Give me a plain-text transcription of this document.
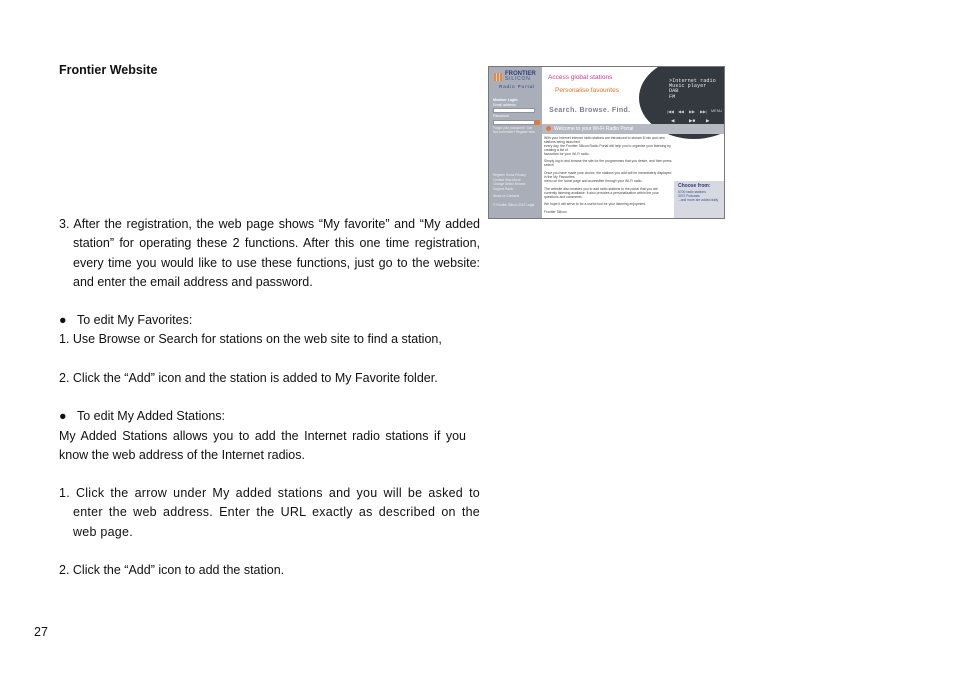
Frontier Website	FRONTIER
SILICON
Radio Portal
Member Login
Email address
Password
Forgot your password? Join
Not a member? Register here
Register Terms Privacy
Contact Help About
Change Select Browse
Support Radio
About us Contacts
© Frontier Silicon 2007 Legal
Access global stations
Personalise favourites
Search. Browse. Find.
>Internet radio
Music player
DAB
FM
|◀◀ ◀◀ ▶▶ ▶▶| MENU
◀	▶■ ▶
Welcome to your Wi-Fi Radio Portal
With your Internet internet radio stations are introduced to stream 8 min and new stations being launched
every day, the Frontier Silicon Radio Portal will help you to organise your listening by creating a list of
favourites for your Wi-Fi radio.

Simply log in and browse the site for the programmes that you desire, and then press select!

Once you have made your choice, the stations you add will be immediately displayed in the My Favourites
menu on the home page and accessible through your Wi-Fi radio.

The website also enables you to add radio stations to the portal that you are
currently listening available. It also provides a personalisation within the your
questions and comments.

We hope it will serve to be a useful tool for your listening enjoyment.

Frontier Silicon
Choose from:
6700 radio stations
3072 Podcasts
...and more are added daily
3. After the registration, the web page shows “My favorite” and “My added station” for operating these 2 functions. After this one time registration, every time you would like to use these functions, just go to the website: and enter the email address and password.
● To edit My Favorites:
1. Use Browse or Search for stations on the web site to find a station,
2. Click the “Add” icon and the station is added to My Favorite folder.
● To edit My Added Stations:
My Added Stations allows you to add the Internet radio stations if you know the web address of the Internet radios.
1. Click the arrow under My added stations and you will be asked to enter the web address. Enter the URL exactly as described on the web page.
2. Click the “Add” icon to add the station.
27
